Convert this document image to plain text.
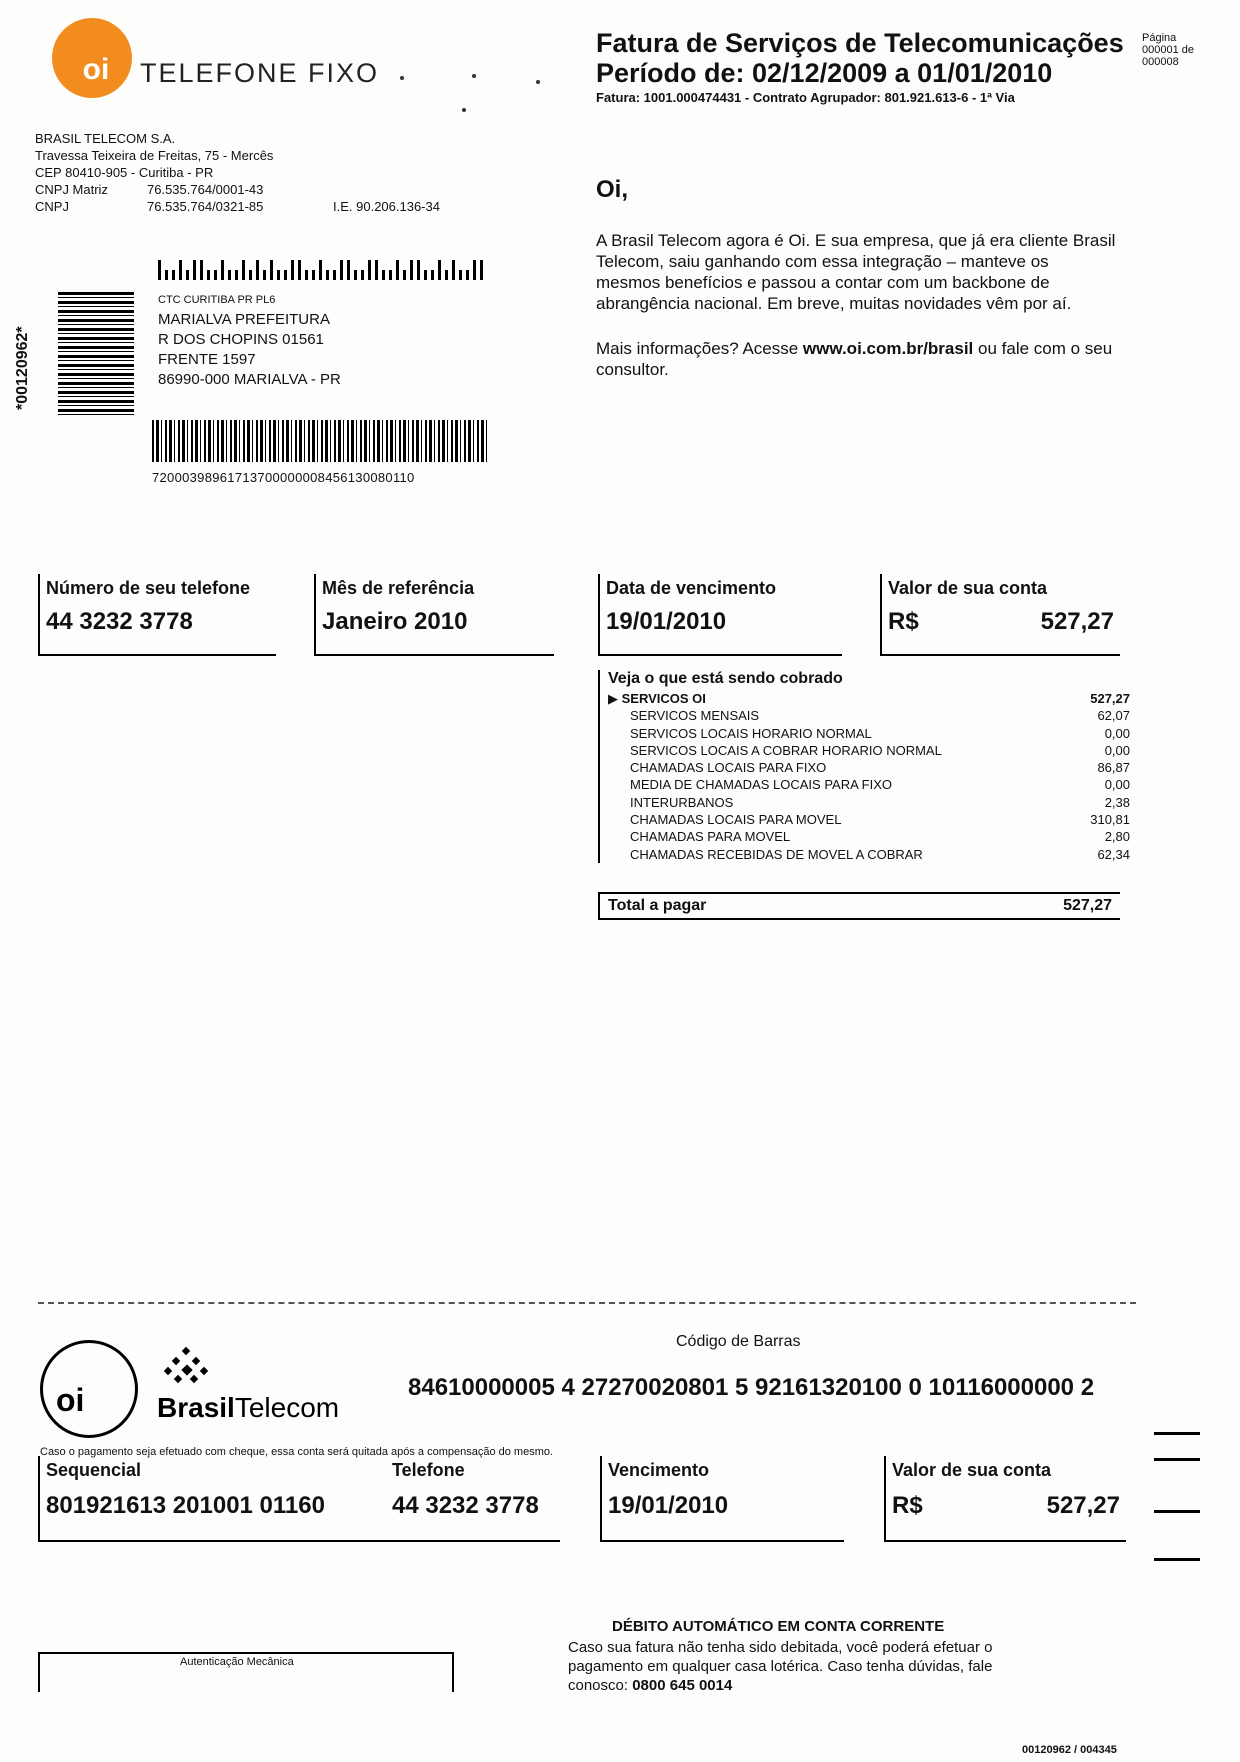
oi	TELEFONE FIXO
Fatura de Serviços de Telecomunicações
Período de: 02/12/2009 a 01/01/2010
Fatura: 1001.000474431 - Contrato Agrupador: 801.921.613-6 - 1ª Via
Página
000001 de 000008
BRASIL TELECOM S.A.
Travessa Teixeira de Freitas, 75 - Mercês
CEP 80410-905 - Curitiba - PR
CNPJ Matriz	76.535.764/0001-43
CNPJ	76.535.764/0321-85	I.E. 90.206.136-34
Oi,
A Brasil Telecom agora é Oi. E sua empresa, que já era cliente Brasil Telecom, saiu ganhando com essa integração – manteve os mesmos benefícios e passou a contar com um backbone de abrangência nacional. Em breve, muitas novidades vêm por aí.
Mais informações? Acesse www.oi.com.br/brasil ou fale com o seu consultor.
*00120962*
CTC CURITIBA PR PL6
MARIALVA PREFEITURA
R DOS CHOPINS 01561
FRENTE 1597
86990-000 MARIALVA - PR
72000398961713700000008456130080110
Número de seu telefone
44 3232 3778
Mês de referência
Janeiro 2010
Data de vencimento
19/01/2010
Valor de sua conta
R$	527,27
Veja o que está sendo cobrado
▶ SERVICOS OI	527,27
SERVICOS MENSAIS	62,07
SERVICOS LOCAIS HORARIO NORMAL	0,00
SERVICOS LOCAIS A COBRAR HORARIO NORMAL	0,00
CHAMADAS LOCAIS PARA FIXO	86,87
MEDIA DE CHAMADAS LOCAIS PARA FIXO	0,00
INTERURBANOS	2,38
CHAMADAS LOCAIS PARA MOVEL	310,81
CHAMADAS PARA MOVEL	2,80
CHAMADAS RECEBIDAS DE MOVEL A COBRAR	62,34
Total a pagar	527,27
oi	BrasilTelecom
Código de Barras
84610000005 4 27270020801 5 92161320100 0 10116000000 2
Caso o pagamento seja efetuado com cheque, essa conta será quitada após a compensação do mesmo.
Sequencial
801921613 201001 01160
Telefone
44 3232 3778
Vencimento
19/01/2010
Valor de sua conta
R$	527,27
Autenticação Mecânica
DÉBITO AUTOMÁTICO EM CONTA CORRENTE
Caso sua fatura não tenha sido debitada, você poderá efetuar o pagamento em qualquer casa lotérica. Caso tenha dúvidas, fale conosco: 0800 645 0014
00120962 / 004345
